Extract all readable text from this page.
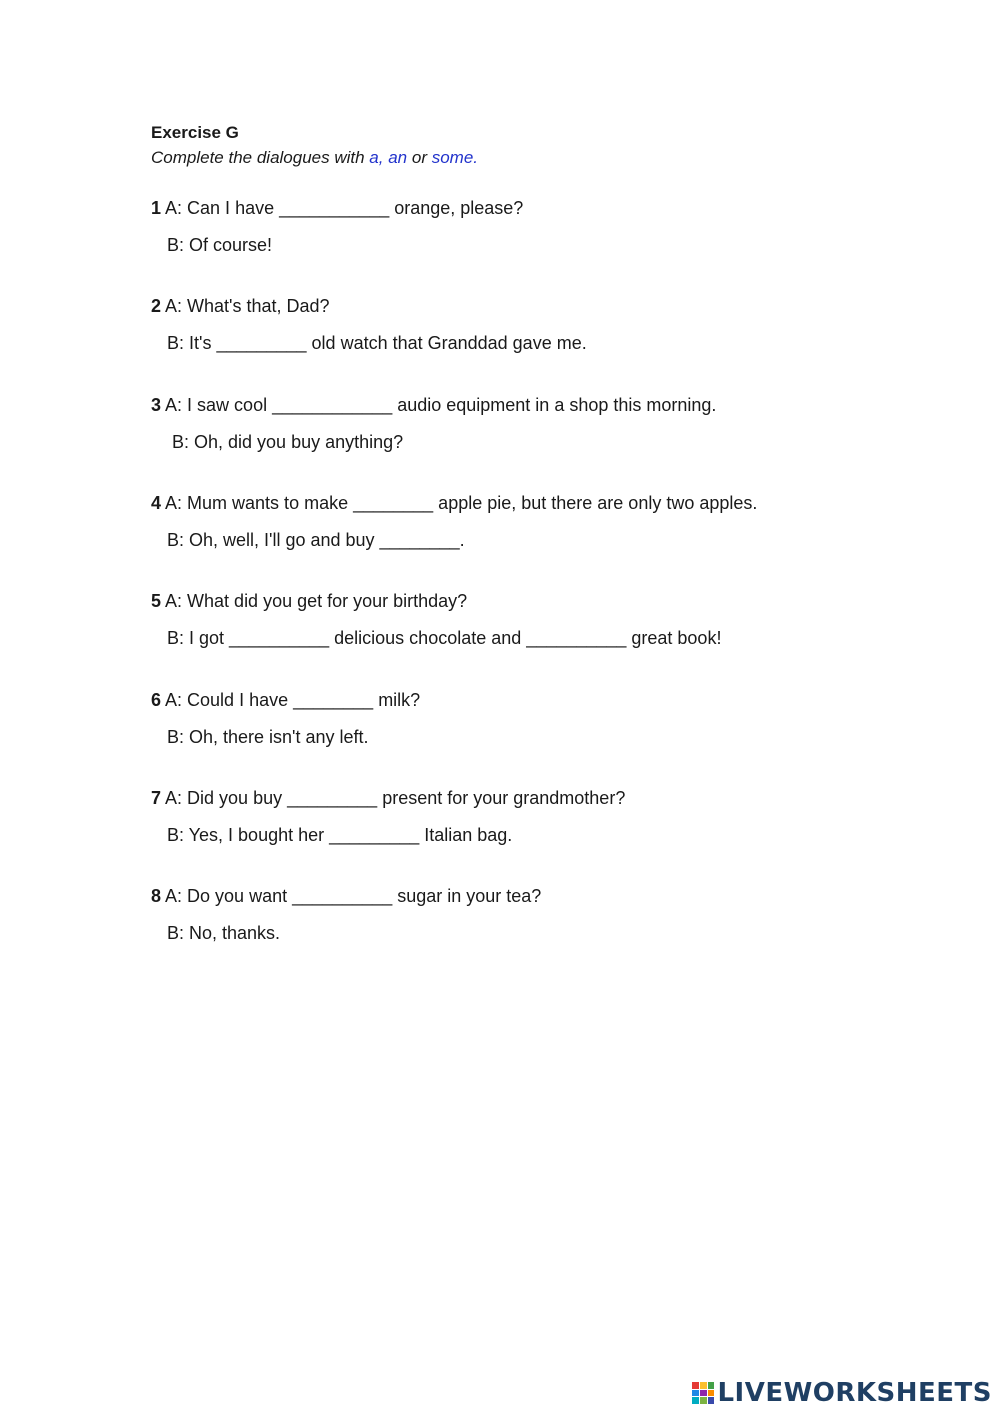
Exercise G

Complete the dialogues with a, an or some.

1 A: Can I have ___________ orange, please?
B: Of course!
2 A: What's that, Dad?
B: It's _________ old watch that Granddad gave me.
3 A: I saw cool ____________ audio equipment in a shop this morning.
B: Oh, did you buy anything?
4 A: Mum wants to make ________ apple pie, but there are only two apples.
B: Oh, well, I'll go and buy ________.
5 A: What did you get for your birthday?
B: I got __________ delicious chocolate and __________ great book!
6 A: Could I have ________ milk?
B: Oh, there isn't any left.
7 A: Did you buy _________ present for your grandmother?
B: Yes, I bought her _________ Italian bag.
8 A: Do you want __________ sugar in your tea?
B: No, thanks.
LIVEWORKSHEETS
